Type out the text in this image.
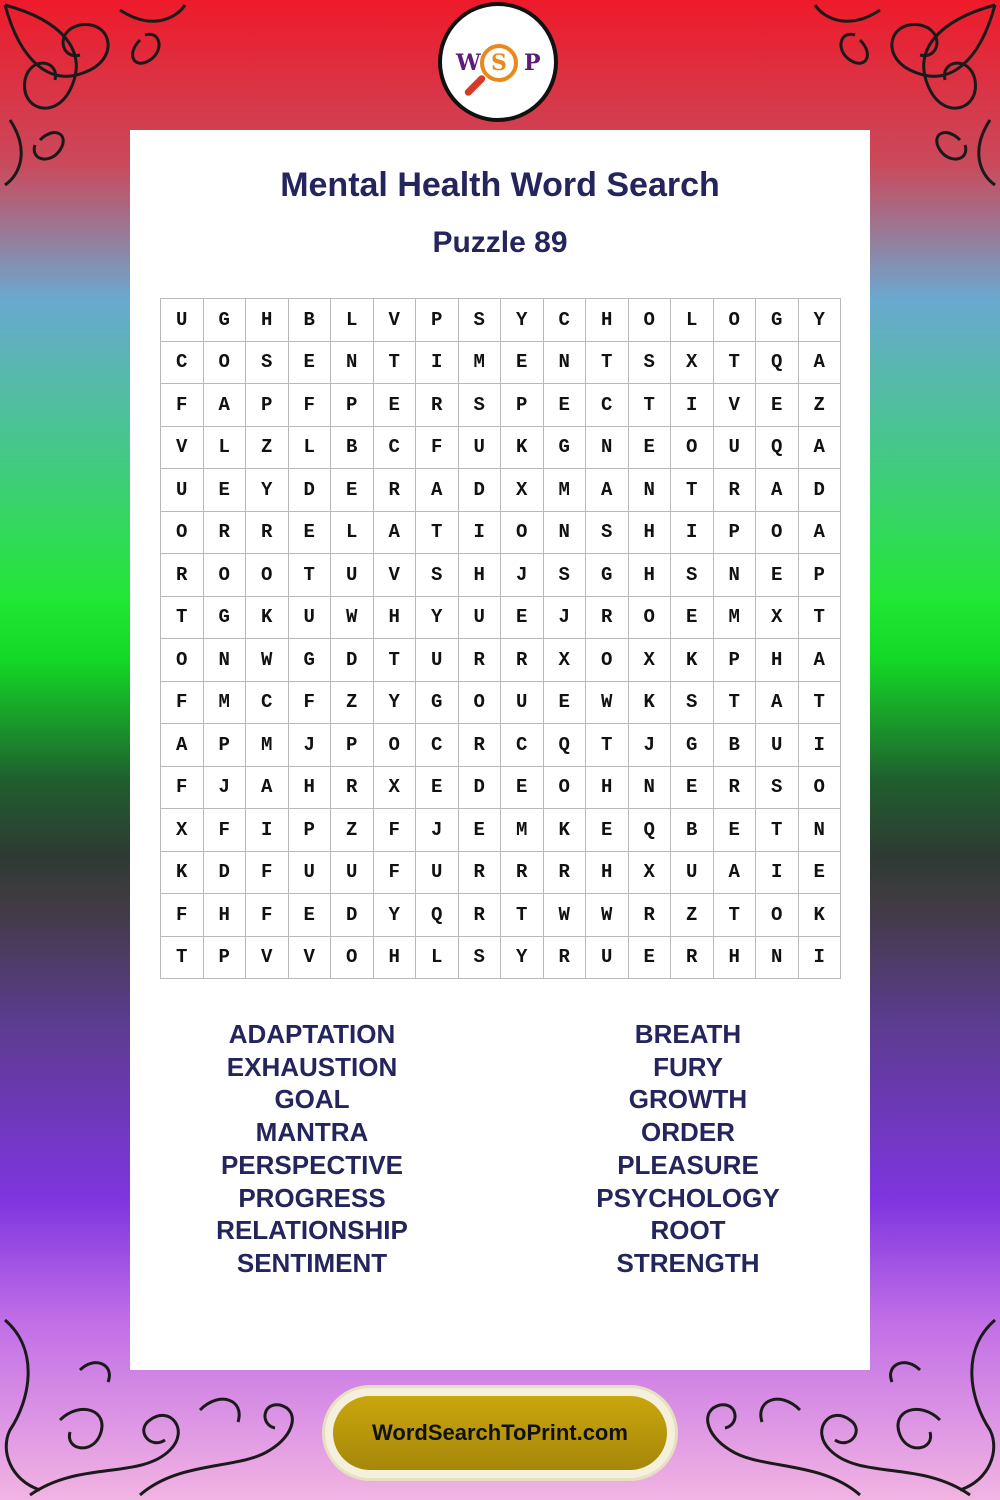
W S P
Mental Health Word Search
Puzzle 89
U	G	H	B	L	V	P	S	Y	C	H	O	L	O	G	Y
C	O	S	E	N	T	I	M	E	N	T	S	X	T	Q	A
F	A	P	F	P	E	R	S	P	E	C	T	I	V	E	Z
V	L	Z	L	B	C	F	U	K	G	N	E	O	U	Q	A
U	E	Y	D	E	R	A	D	X	M	A	N	T	R	A	D
O	R	R	E	L	A	T	I	O	N	S	H	I	P	O	A
R	O	O	T	U	V	S	H	J	S	G	H	S	N	E	P
T	G	K	U	W	H	Y	U	E	J	R	O	E	M	X	T
O	N	W	G	D	T	U	R	R	X	O	X	K	P	H	A
F	M	C	F	Z	Y	G	O	U	E	W	K	S	T	A	T
A	P	M	J	P	O	C	R	C	Q	T	J	G	B	U	I
F	J	A	H	R	X	E	D	E	O	H	N	E	R	S	O
X	F	I	P	Z	F	J	E	M	K	E	Q	B	E	T	N
K	D	F	U	U	F	U	R	R	R	H	X	U	A	I	E
F	H	F	E	D	Y	Q	R	T	W	W	R	Z	T	O	K
T	P	V	V	O	H	L	S	Y	R	U	E	R	H	N	I
ADAPTATION
EXHAUSTION
GOAL
MANTRA
PERSPECTIVE
PROGRESS
RELATIONSHIP
SENTIMENT
BREATH
FURY
GROWTH
ORDER
PLEASURE
PSYCHOLOGY
ROOT
STRENGTH
WordSearchToPrint.com
